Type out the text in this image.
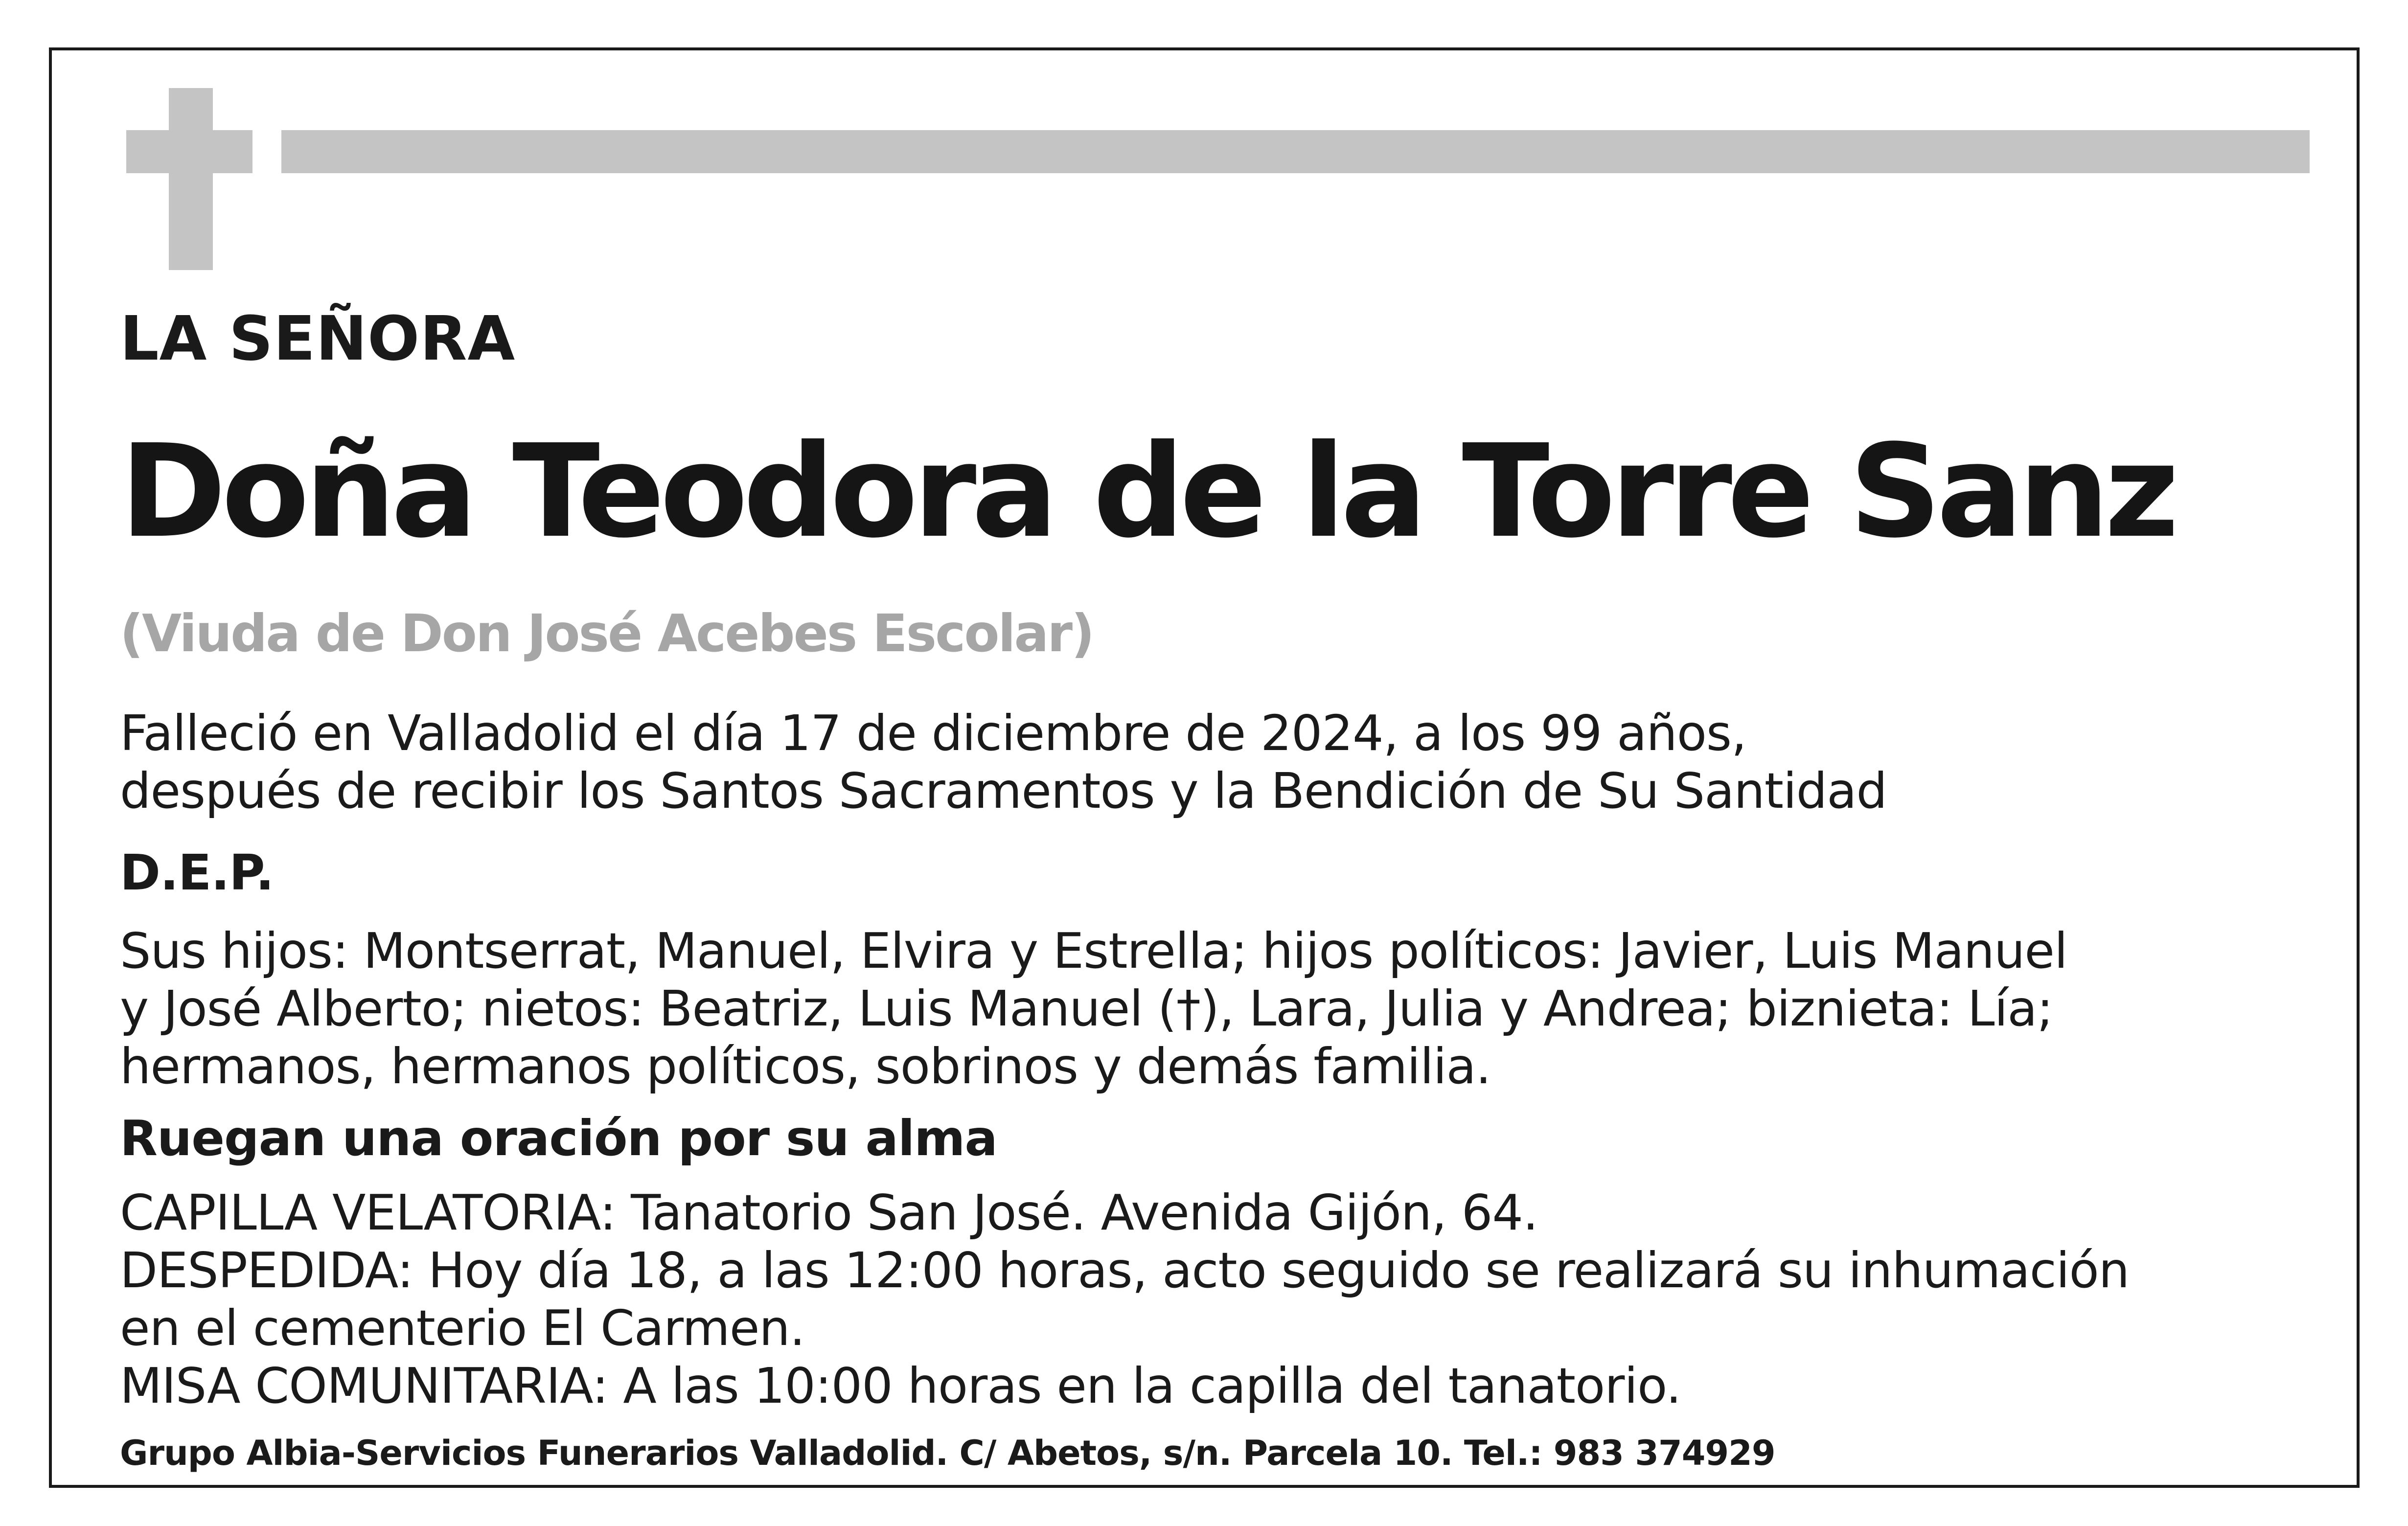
LA SEÑORA
Doña Teodora de la Torre Sanz
(Viuda de Don José Acebes Escolar)
Falleció en Valladolid el día 17 de diciembre de 2024, a los 99 años,
después de recibir los Santos Sacramentos y la Bendición de Su Santidad
D.E.P.
Sus hijos: Montserrat, Manuel, Elvira y Estrella; hijos políticos: Javier, Luis Manuel
y José Alberto; nietos: Beatriz, Luis Manuel (†), Lara, Julia y Andrea; biznieta: Lía;
hermanos, hermanos políticos, sobrinos y demás familia.
Ruegan una oración por su alma
CAPILLA VELATORIA: Tanatorio San José. Avenida Gijón, 64.
DESPEDIDA: Hoy día 18, a las 12:00 horas, acto seguido se realizará su inhumación
en el cementerio El Carmen.
MISA COMUNITARIA: A las 10:00 horas en la capilla del tanatorio.
Grupo Albia-Servicios Funerarios Valladolid. C/ Abetos, s/n. Parcela 10. Tel.: 983 374929
